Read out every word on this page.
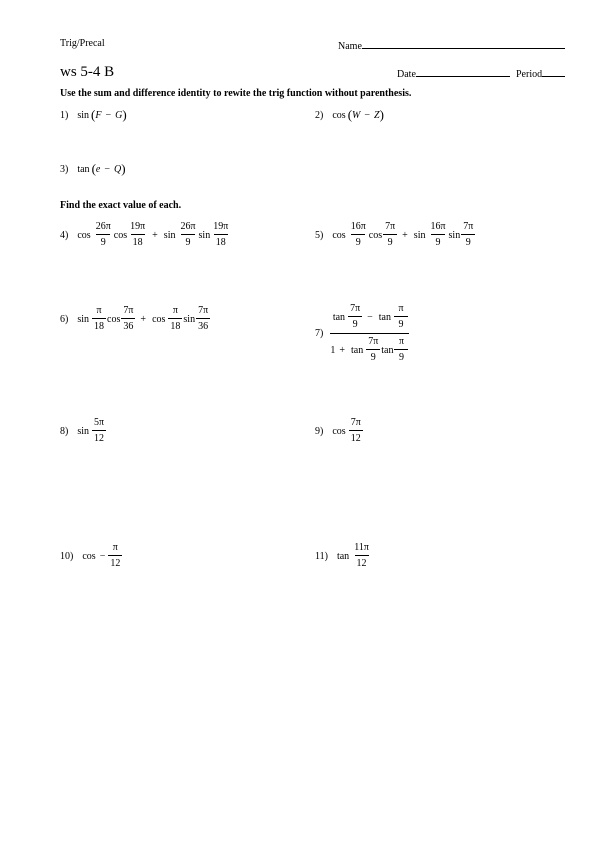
Trig/Precal	Name
ws 5-4 B	Date	Period
Use the sum and difference identity to rewite the trig function without parenthesis.
1) sin ( F − G )	2) cos ( W − Z )
3) tan ( e − Q )
Find the exact value of each.
4) $\cos \frac{26\pi}{9}$ $\cos \frac{19\pi}{18} + \sin \frac{26\pi}{9}$ $\sin \frac{19\pi}{18}$	5) $\cos \frac{16\pi}{9}$ $\cos \frac{7\pi}{9} + \sin \frac{16\pi}{9}$ $\sin \frac{7\pi}{9}$
6) $\sin \frac{\pi}{18}$ $\cos \frac{7\pi}{36} + \cos \frac{\pi}{18}$ $\sin \frac{7\pi}{36}$
$7) \frac{\tan \frac{7\pi}{9} - \tan \frac{\pi}{9}}{1 + \tan \frac{7\pi}{9} \tan \frac{\pi}{9}}$
8) $\sin \frac{5\pi}{12}$	9) $\cos \frac{7\pi}{12}$
10) $\cos - \frac{\pi}{12}$	11) $\tan \frac{11\pi}{12}$
